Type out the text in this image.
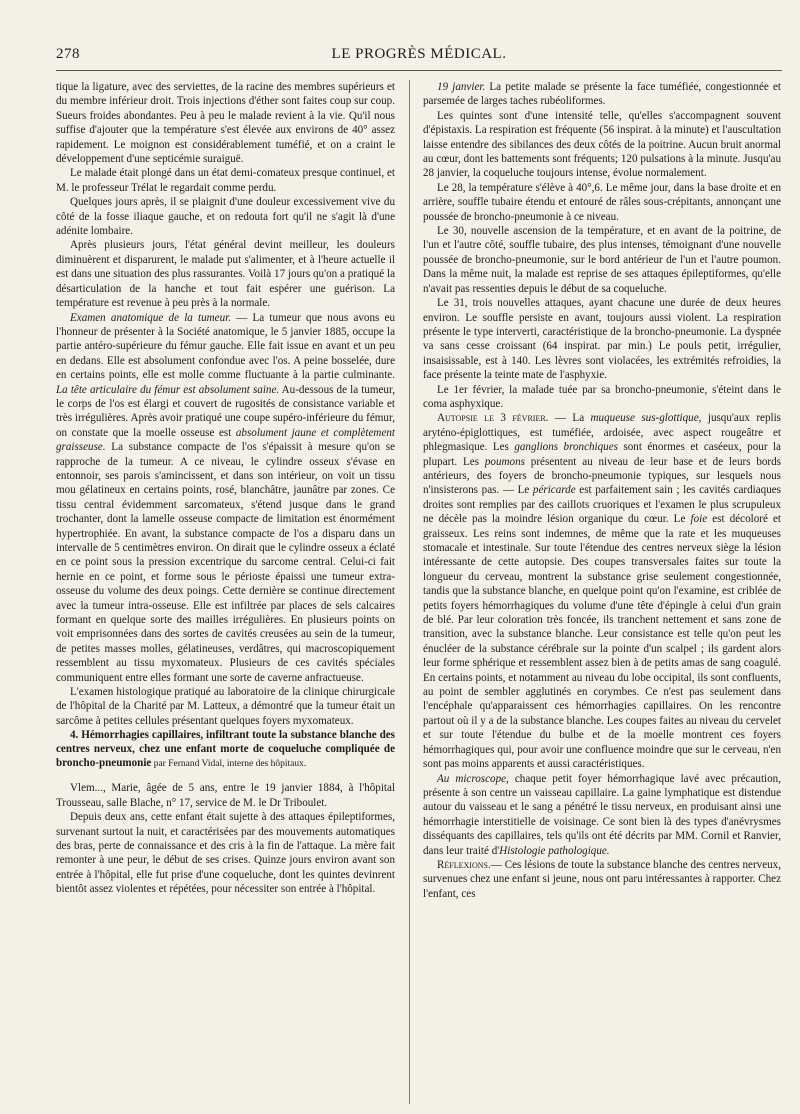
278	LE PROGRÈS MÉDICAL.

tique la ligature, avec des serviettes, de la racine des membres supérieurs et du membre inférieur droit. Trois injections d'éther sont faites coup sur coup. Sueurs froides abondantes. Peu à peu le malade revient à la vie. Qu'il nous suffise d'ajouter que la température s'est élevée aux environs de 40° assez rapidement. Le moignon est considérablement tuméfié, et on a craint le développement d'une septicémie suraiguë.

Le malade était plongé dans un état demi-comateux presque continuel, et M. le professeur Trélat le regardait comme perdu.

Quelques jours après, il se plaignit d'une douleur excessivement vive du côté de la fosse iliaque gauche, et on redouta fort qu'il ne s'agit là d'une adénite lombaire.

Après plusieurs jours, l'état général devint meilleur, les douleurs diminuèrent et disparurent, le malade put s'alimenter, et à l'heure actuelle il est dans une situation des plus rassurantes. Voilà 17 jours qu'on a pratiqué la désarticulation de la hanche et tout fait espérer une guérison. La température est revenue à peu près à la normale.

Examen anatomique de la tumeur. — La tumeur que nous avons eu l'honneur de présenter à la Société anatomique, le 5 janvier 1885, occupe la partie antéro-supérieure du fémur gauche. Elle fait issue en avant et un peu en dedans. Elle est absolument confondue avec l'os. A peine bosselée, dure en certains points, elle est molle comme fluctuante à la partie culminante. La tête articulaire du fémur est absolument saine. Au-dessous de la tumeur, le corps de l'os est élargi et couvert de rugosités de consistance variable et très irrégulières. Après avoir pratiqué une coupe supéro-inférieure du fémur, on constate que la moelle osseuse est absolument jaune et complètement graisseuse. La substance compacte de l'os s'épaissit à mesure qu'on se rapproche de la tumeur. A ce niveau, le cylindre osseux s'évase en entonnoir, ses parois s'amincissent, et dans son intérieur, on voit un tissu mou gélatineux en certains points, rosé, blanchâtre, jaunâtre par zones. Ce tissu central évidemment sarcomateux, s'étend jusque dans le grand trochanter, dont la lamelle osseuse compacte de limitation est énormément hypertrophiée. En avant, la substance compacte de l'os a disparu dans un intervalle de 5 centimètres environ. On dirait que le cylindre osseux a éclaté en ce point sous la pression excentrique du sarcome central. Celui-ci fait hernie en ce point, et forme sous le périoste épaissi une tumeur extra-osseuse du volume des deux poings. Cette dernière se continue directement avec la tumeur intra-osseuse. Elle est infiltrée par places de sels calcaires formant en quelque sorte des mailles irrégulières. En plusieurs points on voit emprisonnées dans des sortes de cavités creusées au sein de la tumeur, de petites masses molles, gélatineuses, verdâtres, qui macroscopiquement ressemblent au tissu myxomateux. Plusieurs de ces cavités spéciales communiquent entre elles formant une sorte de caverne anfractueuse.

L'examen histologique pratiqué au laboratoire de la clinique chirurgicale de l'hôpital de la Charité par M. Latteux, a démontré que la tumeur était un sarcôme à petites cellules présentant quelques foyers myxomateux.

4. Hémorrhagies capillaires, infiltrant toute la substance blanche des centres nerveux, chez une enfant morte de coqueluche compliquée de broncho-pneumonie par Fernand Vidal, interne des hôpitaux.

Vlem..., Marie, âgée de 5 ans, entre le 19 janvier 1884, à l'hôpital Trousseau, salle Blache, n° 17, service de M. le Dr Triboulet.

Depuis deux ans, cette enfant était sujette à des attaques épileptiformes, survenant surtout la nuit, et caractérisées par des mouvements automatiques des bras, perte de connaissance et des cris à la fin de l'attaque. La mère fait remonter à une peur, le début de ses crises. Quinze jours environ avant son entrée à l'hôpital, elle fut prise d'une coqueluche, dont les quintes devinrent bientôt assez violentes et répétées, pour nécessiter son entrée à l'hôpital.

19 janvier. La petite malade se présente la face tuméfiée, congestionnée et parsemée de larges taches rubéoliformes.

Les quintes sont d'une intensité telle, qu'elles s'accompagnent souvent d'épistaxis. La respiration est fréquente (56 inspirat. à la minute) et l'auscultation laisse entendre des sibilances des deux côtés de la poitrine. Aucun bruit anormal au cœur, dont les battements sont fréquents; 120 pulsations à la minute. Jusqu'au 28 janvier, la coqueluche toujours intense, évolue normalement.

Le 28, la température s'élève à 40°,6. Le même jour, dans la base droite et en arrière, souffle tubaire étendu et entouré de râles sous-crépitants, annonçant une poussée de broncho-pneumonie à ce niveau.

Le 30, nouvelle ascension de la température, et en avant de la poitrine, de l'un et l'autre côté, souffle tubaire, des plus intenses, témoignant d'une nouvelle poussée de broncho-pneumonie, sur le bord antérieur de l'un et l'autre poumon. Dans la même nuit, la malade est reprise de ses attaques épileptiformes, qu'elle n'avait pas ressenties depuis le début de sa coqueluche.

Le 31, trois nouvelles attaques, ayant chacune une durée de deux heures environ. Le souffle persiste en avant, toujours aussi violent. La respiration présente le type interverti, caractéristique de la broncho-pneumonie. La dyspnée va sans cesse croissant (64 inspirat. par min.) Le pouls petit, irrégulier, insaisissable, est à 140. Les lèvres sont violacées, les extrémités refroidies, la face présente la teinte mate de l'asphyxie.

Le 1er février, la malade tuée par sa broncho-pneumonie, s'éteint dans le coma asphyxique.

Autopsie le 3 février. — La muqueuse sus-glottique, jusqu'aux replis aryténo-épiglottiques, est tuméfiée, ardoisée, avec aspect rougeâtre et phlegmasique. Les ganglions bronchiques sont énormes et caséeux, pour la plupart. Les poumons présentent au niveau de leur base et de leurs bords antérieurs, des foyers de broncho-pneumonie typiques, sur lesquels nous n'insisterons pas. — Le péricarde est parfaitement sain ; les cavités cardiaques droites sont remplies par des caillots cruoriques et l'examen le plus scrupuleux ne décèle pas la moindre lésion organique du cœur. Le foie est décoloré et graisseux. Les reins sont indemnes, de même que la rate et les muqueuses stomacale et intestinale. Sur toute l'étendue des centres nerveux siège la lésion intéressante de cette autopsie. Des coupes transversales faites sur toute la longueur du cerveau, montrent la substance grise seulement congestionnée, tandis que la substance blanche, en quelque point qu'on l'examine, est criblée de petits foyers hémorrhagiques du volume d'une tête d'épingle à celui d'un grain de blé. Par leur coloration très foncée, ils tranchent nettement et sans zone de transition, avec la substance blanche. Leur consistance est telle qu'on peut les énucléer de la substance cérébrale sur la pointe d'un scalpel ; ils gardent alors leur forme sphérique et ressemblent assez bien à de petits amas de sang coagulé. En certains points, et notamment au niveau du lobe occipital, ils sont confluents, au point de sembler agglutinés en corymbes. Ce n'est pas seulement dans l'encéphale qu'apparaissent ces hémorrhagies capillaires. On les rencontre partout où il y a de la substance blanche. Les coupes faites au niveau du cervelet et sur toute l'étendue du bulbe et de la moelle montrent ces foyers hémorrhagiques qui, pour avoir une confluence moindre que sur le cerveau, n'en sont pas moins apparents et aussi caractéristiques.

Au microscope, chaque petit foyer hémorrhagique lavé avec précaution, présente à son centre un vaisseau capillaire. La gaine lymphatique est distendue autour du vaisseau et le sang a pénétré le tissu nerveux, en produisant ainsi une hémorrhagie interstitielle de voisinage. Ce sont bien là des types d'anévrysmes disséquants des capillaires, tels qu'ils ont été décrits par MM. Cornil et Ranvier, dans leur traité d'Histologie pathologique.

Réflexions.— Ces lésions de toute la substance blanche des centres nerveux, survenues chez une enfant si jeune, nous ont paru intéressantes à rapporter. Chez l'enfant, ces
